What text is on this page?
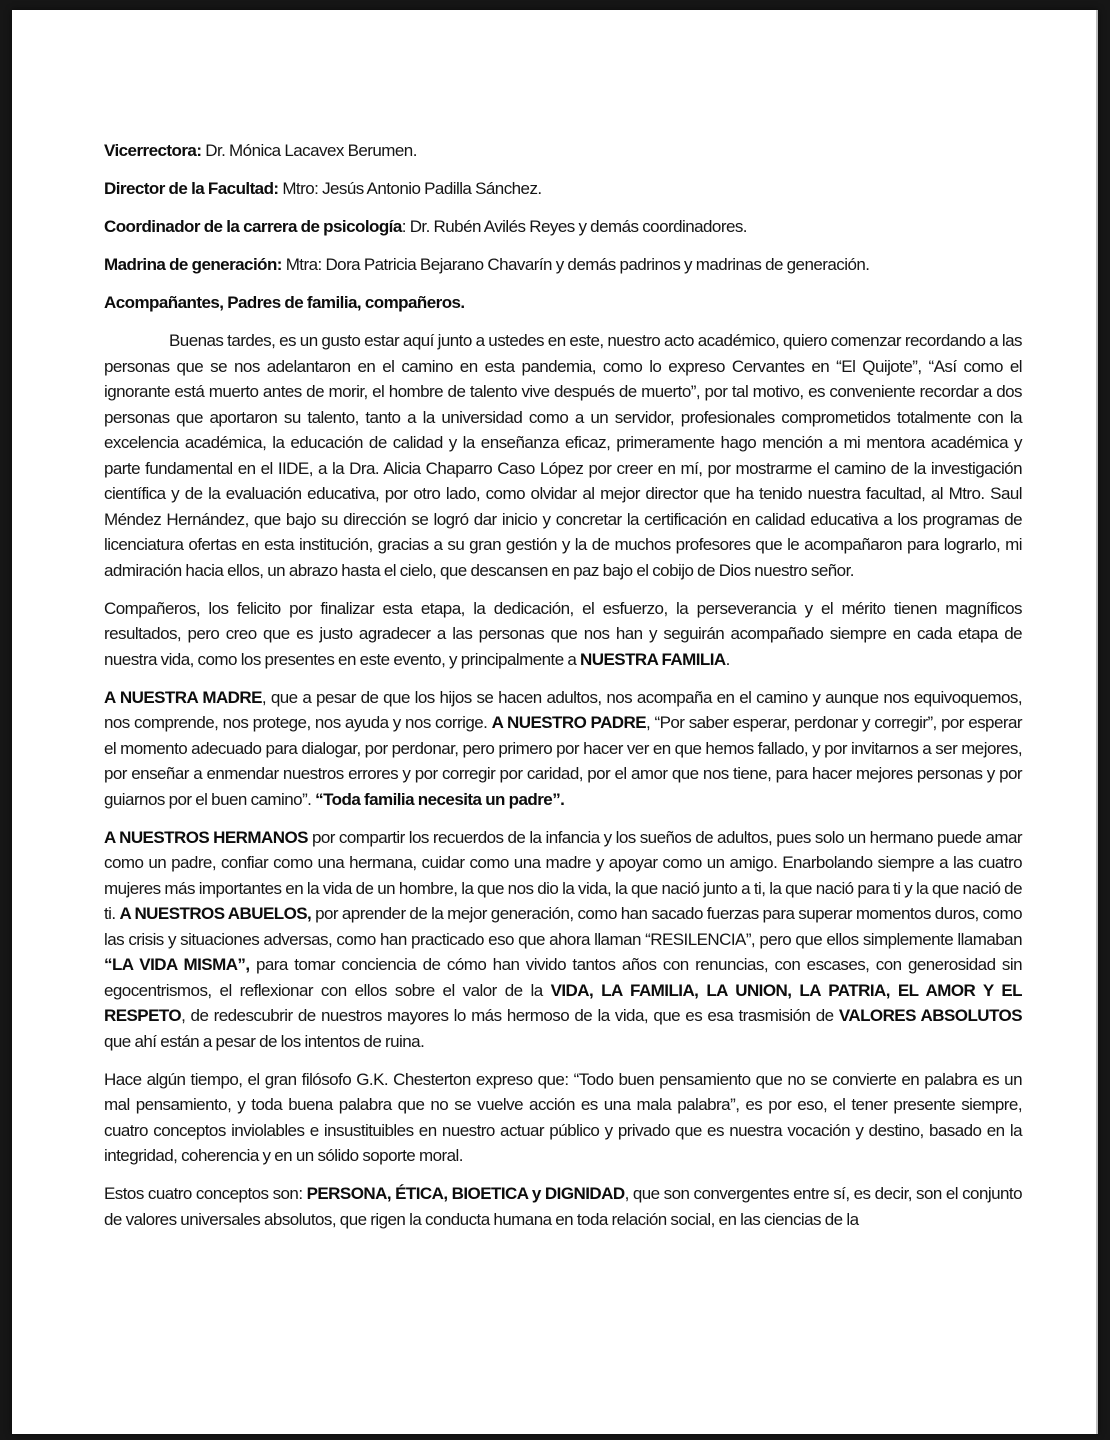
Vicerrectora: Dr. Mónica Lacavex Berumen.

Director de la Facultad: Mtro: Jesús Antonio Padilla Sánchez.

Coordinador de la carrera de psicología: Dr. Rubén Avilés Reyes y demás coordinadores.

Madrina de generación: Mtra: Dora Patricia Bejarano Chavarín y demás padrinos y madrinas de generación.

Acompañantes, Padres de familia, compañeros.

Buenas tardes, es un gusto estar aquí junto a ustedes en este, nuestro acto académico, quiero comenzar recordando a las personas que se nos adelantaron en el camino en esta pandemia, como lo expreso Cervantes en “El Quijote”, “Así como el ignorante está muerto antes de morir, el hombre de talento vive después de muerto”, por tal motivo, es conveniente recordar a dos personas que aportaron su talento, tanto a la universidad como a un servidor, profesionales comprometidos totalmente con la excelencia académica, la educación de calidad y la enseñanza eficaz, primeramente hago mención a mi mentora académica y parte fundamental en el IIDE, a la Dra. Alicia Chaparro Caso López por creer en mí, por mostrarme el camino de la investigación científica y de la evaluación educativa, por otro lado, como olvidar al mejor director que ha tenido nuestra facultad, al Mtro. Saul Méndez Hernández, que bajo su dirección se logró dar inicio y concretar la certificación en calidad educativa a los programas de licenciatura ofertas en esta institución, gracias a su gran gestión y la de muchos profesores que le acompañaron para lograrlo, mi admiración hacia ellos, un abrazo hasta el cielo, que descansen en paz bajo el cobijo de Dios nuestro señor.

Compañeros, los felicito por finalizar esta etapa, la dedicación, el esfuerzo, la perseverancia y el mérito tienen magníficos resultados, pero creo que es justo agradecer a las personas que nos han y seguirán acompañado siempre en cada etapa de nuestra vida, como los presentes en este evento, y principalmente a NUESTRA FAMILIA.

A NUESTRA MADRE, que a pesar de que los hijos se hacen adultos, nos acompaña en el camino y aunque nos equivoquemos, nos comprende, nos protege, nos ayuda y nos corrige. A NUESTRO PADRE, “Por saber esperar, perdonar y corregir”, por esperar el momento adecuado para dialogar, por perdonar, pero primero por hacer ver en que hemos fallado, y por invitarnos a ser mejores, por enseñar a enmendar nuestros errores y por corregir por caridad, por el amor que nos tiene, para hacer mejores personas y por guiarnos por el buen camino”. “Toda familia necesita un padre”.

A NUESTROS HERMANOS por compartir los recuerdos de la infancia y los sueños de adultos, pues solo un hermano puede amar como un padre, confiar como una hermana, cuidar como una madre y apoyar como un amigo. Enarbolando siempre a las cuatro mujeres más importantes en la vida de un hombre, la que nos dio la vida, la que nació junto a ti, la que nació para ti y la que nació de ti. A NUESTROS ABUELOS, por aprender de la mejor generación, como han sacado fuerzas para superar momentos duros, como las crisis y situaciones adversas, como han practicado eso que ahora llaman “RESILENCIA”, pero que ellos simplemente llamaban “LA VIDA MISMA”, para tomar conciencia de cómo han vivido tantos años con renuncias, con escases, con generosidad sin egocentrismos, el reflexionar con ellos sobre el valor de la VIDA, LA FAMILIA, LA UNION, LA PATRIA, EL AMOR Y EL RESPETO, de redescubrir de nuestros mayores lo más hermoso de la vida, que es esa trasmisión de VALORES ABSOLUTOS que ahí están a pesar de los intentos de ruina.

Hace algún tiempo, el gran filósofo G.K. Chesterton expreso que: “Todo buen pensamiento que no se convierte en palabra es un mal pensamiento, y toda buena palabra que no se vuelve acción es una mala palabra”, es por eso, el tener presente siempre, cuatro conceptos inviolables e insustituibles en nuestro actuar público y privado que es nuestra vocación y destino, basado en la integridad, coherencia y en un sólido soporte moral.

Estos cuatro conceptos son: PERSONA, ÉTICA, BIOETICA y DIGNIDAD, que son convergentes entre sí, es decir, son el conjunto de valores universales absolutos, que rigen la conducta humana en toda relación social, en las ciencias de la
